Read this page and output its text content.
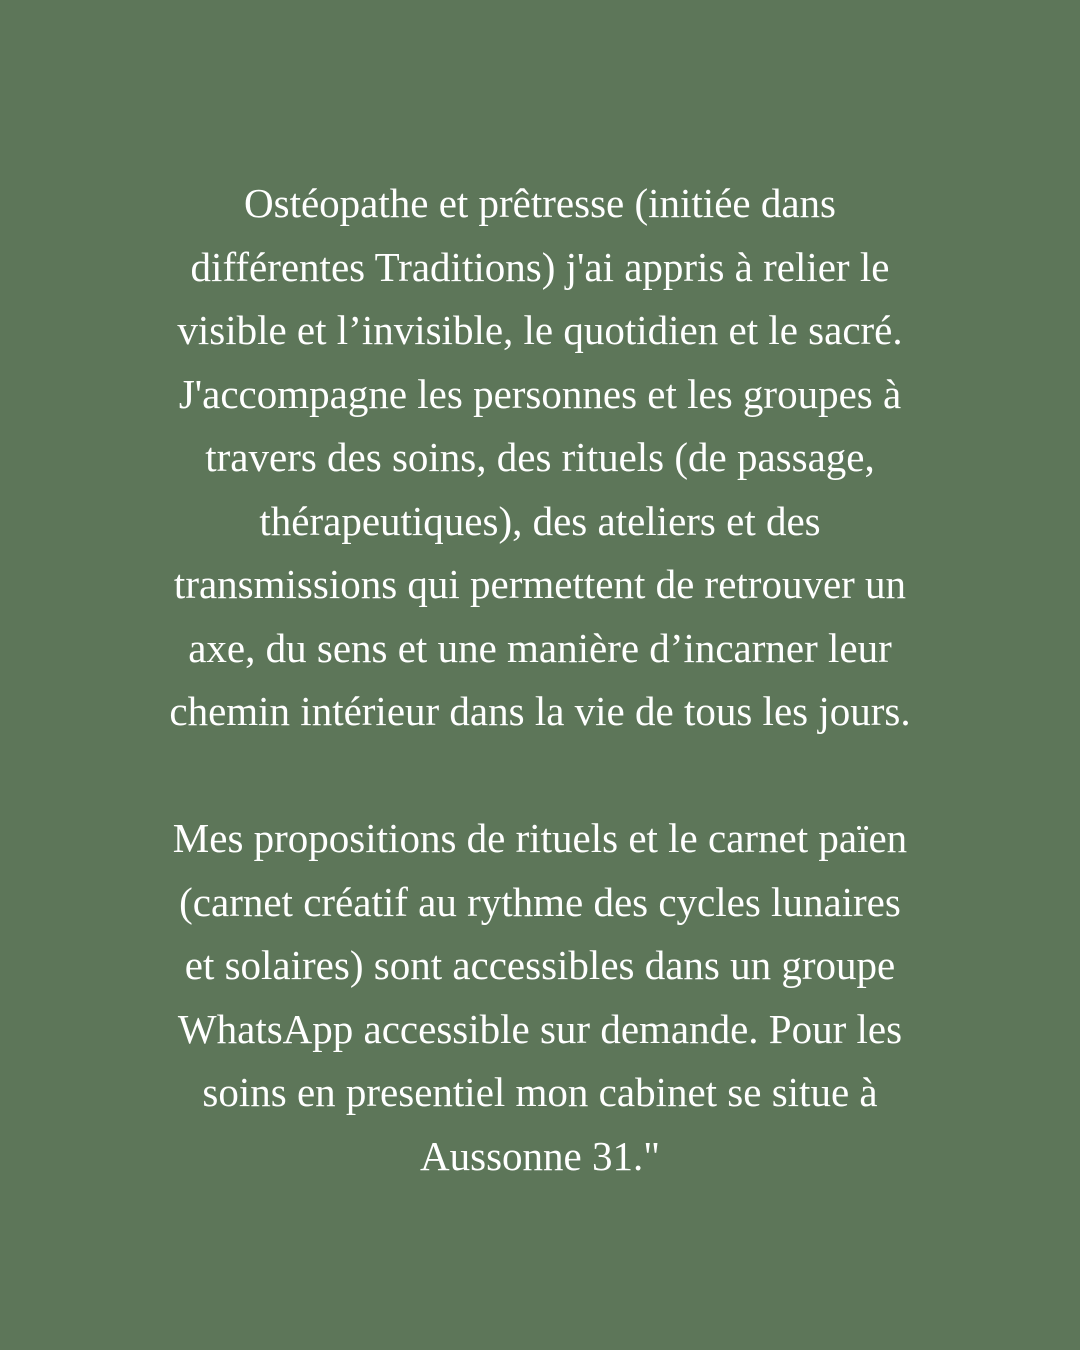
Ostéopathe et prêtresse (initiée dans
différentes Traditions) j'ai appris à relier le
visible et l’invisible, le quotidien et le sacré.
J'accompagne les personnes et les groupes à
travers des soins, des rituels (de passage,
thérapeutiques), des ateliers et des
transmissions qui permettent de retrouver un
axe, du sens et une manière d’incarner leur
chemin intérieur dans la vie de tous les jours.

Mes propositions de rituels et le carnet païen
(carnet créatif au rythme des cycles lunaires
et solaires) sont accessibles dans un groupe
WhatsApp accessible sur demande. Pour les
soins en presentiel mon cabinet se situe à
Aussonne 31."
